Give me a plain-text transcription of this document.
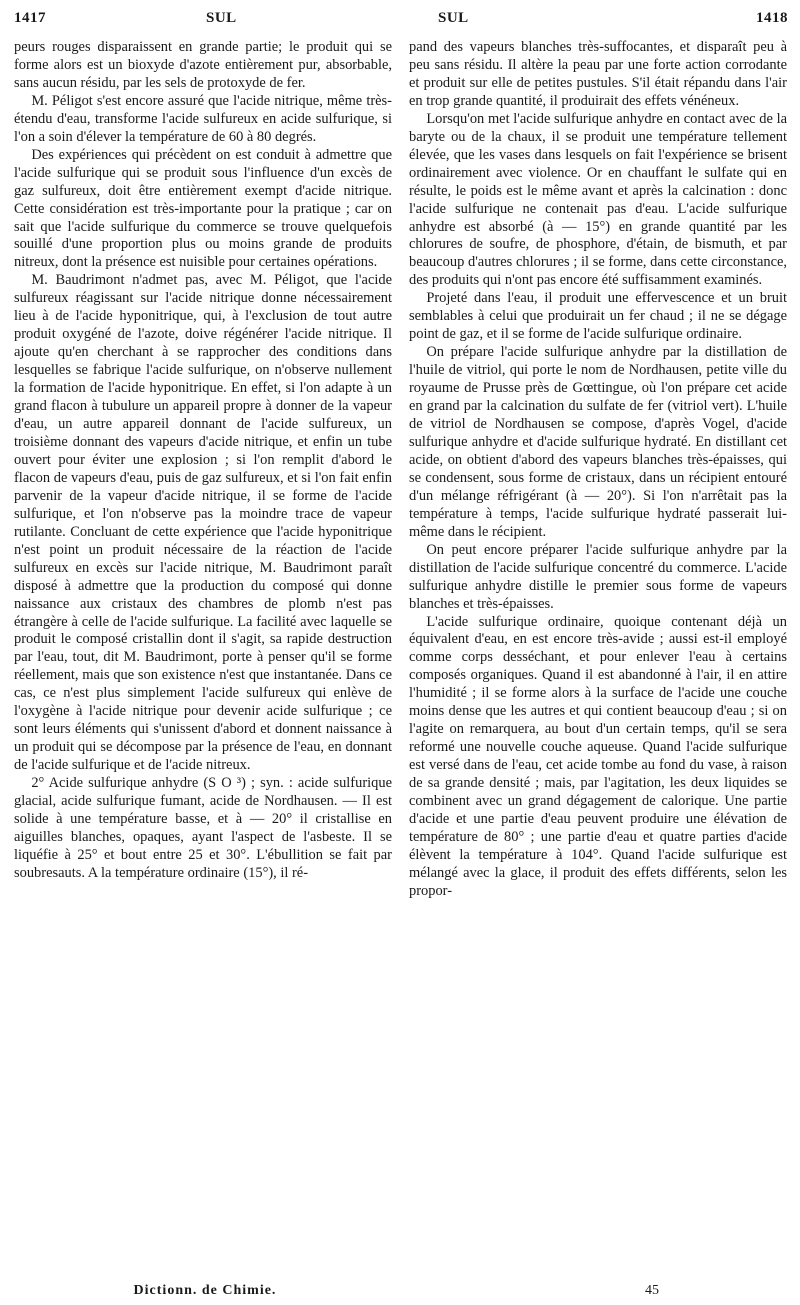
1417	SUL	SUL	1418

peurs rouges disparaissent en grande partie; le produit qui se forme alors est un bioxyde d'azote entièrement pur, absorbable, sans aucun résidu, par les sels de protoxyde de fer.

M. Péligot s'est encore assuré que l'acide nitrique, même très-étendu d'eau, transforme l'acide sulfureux en acide sulfurique, si l'on a soin d'élever la température de 60 à 80 degrés.

Des expériences qui précèdent on est conduit à admettre que l'acide sulfurique qui se produit sous l'influence d'un excès de gaz sulfureux, doit être entièrement exempt d'acide nitrique. Cette considération est très-importante pour la pratique ; car on sait que l'acide sulfurique du commerce se trouve quelquefois souillé d'une proportion plus ou moins grande de produits nitreux, dont la présence est nuisible pour certaines opérations.

M. Baudrimont n'admet pas, avec M. Péligot, que l'acide sulfureux réagissant sur l'acide nitrique donne nécessairement lieu à de l'acide hyponitrique, qui, à l'exclusion de tout autre produit oxygéné de l'azote, doive régénérer l'acide nitrique. Il ajoute qu'en cherchant à se rapprocher des conditions dans lesquelles se fabrique l'acide sulfurique, on n'observe nullement la formation de l'acide hyponitrique. En effet, si l'on adapte à un grand flacon à tubulure un appareil propre à donner de la vapeur d'eau, un autre appareil donnant de l'acide sulfureux, un troisième donnant des vapeurs d'acide nitrique, et enfin un tube ouvert pour éviter une explosion ; si l'on remplit d'abord le flacon de vapeurs d'eau, puis de gaz sulfureux, et si l'on fait enfin parvenir de la vapeur d'acide nitrique, il se forme de l'acide sulfurique, et l'on n'observe pas la moindre trace de vapeur rutilante. Concluant de cette expérience que l'acide hyponitrique n'est point un produit nécessaire de la réaction de l'acide sulfureux en excès sur l'acide nitrique, M. Baudrimont paraît disposé à admettre que la production du composé qui donne naissance aux cristaux des chambres de plomb n'est pas étrangère à celle de l'acide sulfurique. La facilité avec laquelle se produit le composé cristallin dont il s'agit, sa rapide destruction par l'eau, tout, dit M. Baudrimont, porte à penser qu'il se forme réellement, mais que son existence n'est que instantanée. Dans ce cas, ce n'est plus simplement l'acide sulfureux qui enlève de l'oxygène à l'acide nitrique pour devenir acide sulfurique ; ce sont leurs éléments qui s'unissent d'abord et donnent naissance à un produit qui se décompose par la présence de l'eau, en donnant de l'acide sulfurique et de l'acide nitreux.

2° Acide sulfurique anhydre (S O ³) ; syn. : acide sulfurique glacial, acide sulfurique fumant, acide de Nordhausen. — Il est solide à une température basse, et à — 20° il cristallise en aiguilles blanches, opaques, ayant l'aspect de l'asbeste. Il se liquéfie à 25° et bout entre 25 et 30°. L'ébullition se fait par soubresauts. A la température ordinaire (15°), il ré-

pand des vapeurs blanches très-suffocantes, et disparaît peu à peu sans résidu. Il altère la peau par une forte action corrodante et produit sur elle de petites pustules. S'il était répandu dans l'air en trop grande quantité, il produirait des effets vénéneux.

Lorsqu'on met l'acide sulfurique anhydre en contact avec de la baryte ou de la chaux, il se produit une température tellement élevée, que les vases dans lesquels on fait l'expérience se brisent ordinairement avec violence. Or en chauffant le sulfate qui en résulte, le poids est le même avant et après la calcination : donc l'acide sulfurique ne contenait pas d'eau. L'acide sulfurique anhydre est absorbé (à — 15°) en grande quantité par les chlorures de soufre, de phosphore, d'étain, de bismuth, et par beaucoup d'autres chlorures ; il se forme, dans cette circonstance, des produits qui n'ont pas encore été suffisamment examinés.

Projeté dans l'eau, il produit une effervescence et un bruit semblables à celui que produirait un fer chaud ; il ne se dégage point de gaz, et il se forme de l'acide sulfurique ordinaire.

On prépare l'acide sulfurique anhydre par la distillation de l'huile de vitriol, qui porte le nom de Nordhausen, petite ville du royaume de Prusse près de Gœttingue, où l'on prépare cet acide en grand par la calcination du sulfate de fer (vitriol vert). L'huile de vitriol de Nordhausen se compose, d'après Vogel, d'acide sulfurique anhydre et d'acide sulfurique hydraté. En distillant cet acide, on obtient d'abord des vapeurs blanches très-épaisses, qui se condensent, sous forme de cristaux, dans un récipient entouré d'un mélange réfrigérant (à — 20°). Si l'on n'arrêtait pas la température à temps, l'acide sulfurique hydraté passerait lui-même dans le récipient.

On peut encore préparer l'acide sulfurique anhydre par la distillation de l'acide sulfurique concentré du commerce. L'acide sulfurique anhydre distille le premier sous forme de vapeurs blanches et très-épaisses.

L'acide sulfurique ordinaire, quoique contenant déjà un équivalent d'eau, en est encore très-avide ; aussi est-il employé comme corps desséchant, et pour enlever l'eau à certains composés organiques. Quand il est abandonné à l'air, il en attire l'humidité ; il se forme alors à la surface de l'acide une couche moins dense que les autres et qui contient beaucoup d'eau ; si on l'agite on remarquera, au bout d'un certain temps, qu'il se sera reformé une nouvelle couche aqueuse. Quand l'acide sulfurique est versé dans de l'eau, cet acide tombe au fond du vase, à raison de sa grande densité ; mais, par l'agitation, les deux liquides se combinent avec un grand dégagement de calorique. Une partie d'acide et une partie d'eau peuvent produire une élévation de température de 80° ; une partie d'eau et quatre parties d'acide élèvent la température à 104°. Quand l'acide sulfurique est mélangé avec la glace, il produit des effets différents, selon les propor-

Dictionn. de Chimie.	45
